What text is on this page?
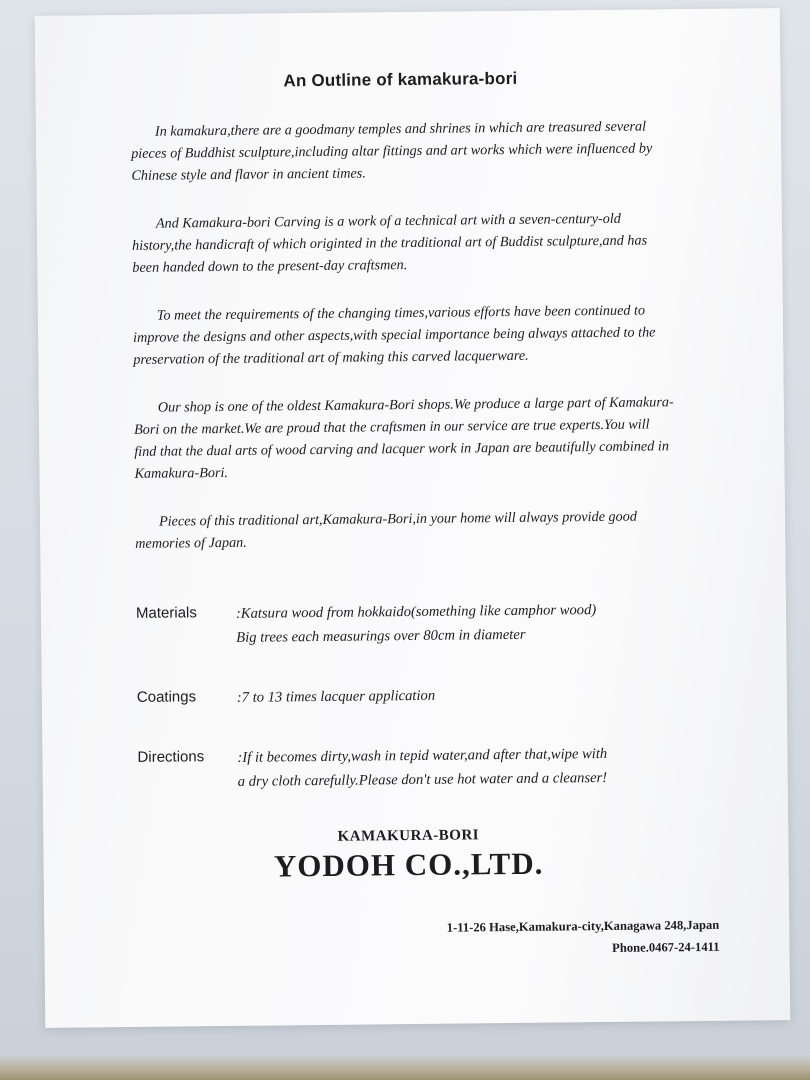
An Outline of kamakura-bori

In kamakura,there are a goodmany temples and shrines in which are treasured several pieces of Buddhist sculpture,including altar fittings and art works which were influenced by Chinese style and flavor in ancient times.

And Kamakura-bori Carving is a work of a technical art with a seven-century-old history,the handicraft of which originted in the traditional art of Buddist sculpture,and has been handed down to the present-day craftsmen.

To meet the requirements of the changing times,various efforts have been continued to improve the designs and other aspects,with special importance being always attached to the preservation of the traditional art of making this carved lacquerware.

Our shop is one of the oldest Kamakura-Bori shops.We produce a large part of Kamakura-Bori on the market.We are proud that the craftsmen in our service are true experts.You will find that the dual arts of wood carving and lacquer work in Japan are beautifully combined in Kamakura-Bori.

Pieces of this traditional art,Kamakura-Bori,in your home will always provide good memories of Japan.

Materials	:Katsura wood from hokkaido(something like camphor wood)
Big trees each measurings over 80cm in diameter
Coatings	:7 to 13 times lacquer application
Directions	:If it becomes dirty,wash in tepid water,and after that,wipe with
a dry cloth carefully.Please don't use hot water and a cleanser!
KAMAKURA-BORI
YODOH CO.,LTD.
1-11-26 Hase,Kamakura-city,Kanagawa 248,Japan
Phone.0467-24-1411
